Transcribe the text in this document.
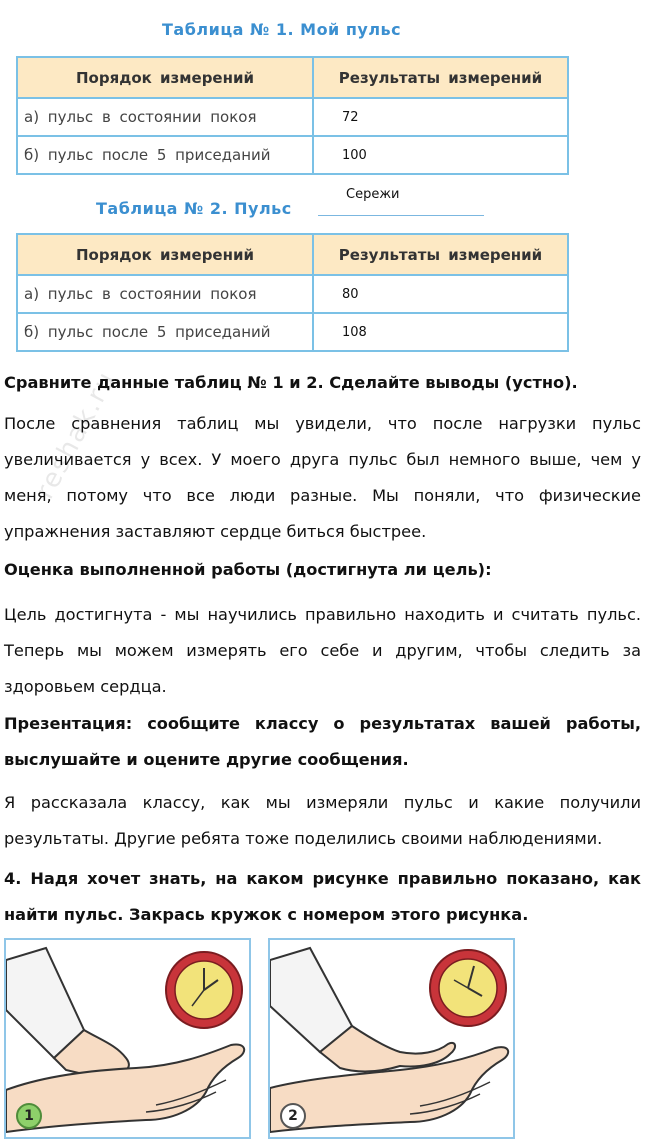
Таблица № 1. Мой пульс
Порядок измерений	Результаты измерений
а) пульс в состоянии покоя	72
б) пульс после 5 приседаний	100
Таблица № 2. Пульс
Сережи
Порядок измерений	Результаты измерений
а) пульс в состоянии покоя	80
б) пульс после 5 приседаний	108
Сравните данные таблиц № 1 и 2. Сделайте выводы (устно).
После сравнения таблиц мы увидели, что после нагрузки пульс увеличивается у всех. У моего друга пульс был немного выше, чем у меня, потому что все люди разные. Мы поняли, что физические упражнения заставляют сердце биться быстрее.
Оценка выполненной работы (достигнута ли цель):
Цель достигнута - мы научились правильно находить и считать пульс. Теперь мы можем измерять его себе и другим, чтобы следить за здоровьем сердца.
Презентация: сообщите классу о результатах вашей работы, выслушайте и оцените другие сообщения.
Я рассказала классу, как мы измеряли пульс и какие получили результаты. Другие ребята тоже поделились своими наблюдениями.
4. Надя хочет знать, на каком рисунке правильно показано, как найти пульс. Закрась кружок с номером этого рисунка.
reshak.ru
1	2
